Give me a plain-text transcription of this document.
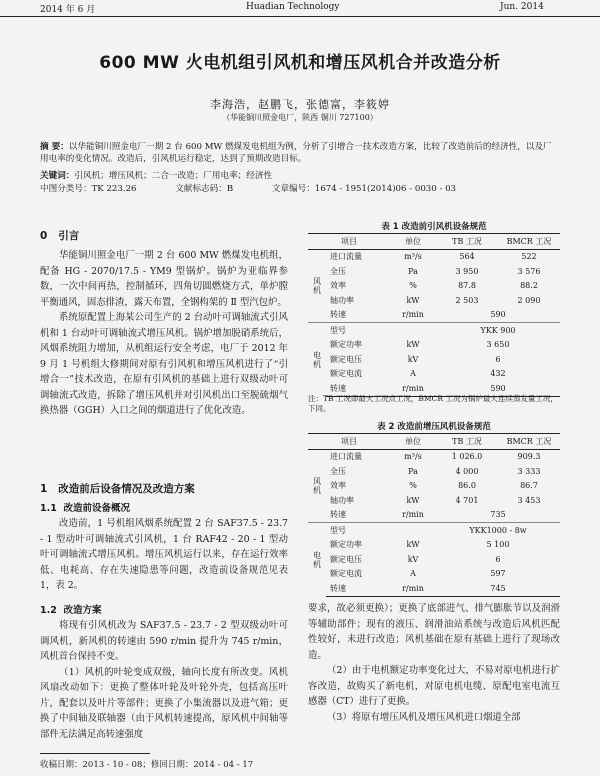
2014 年 6 月	Huadian Technology	Jun. 2014
600 MW 火电机组引风机和增压风机合并改造分析
李海浩，赵鹏飞，张德富，李筱婷
（华能铜川照金电厂，陕西 铜川 727100）

摘 要：以华能铜川照金电厂一期 2 台 600 MW 燃煤发电机组为例，分析了引增合一技术改造方案，比较了改造前后的经济性，以及厂用电率的变化情况。改造后，引风机运行稳定，达到了预期改造目标。

关键词：引风机；增压风机；二合一改造；厂用电率；经济性

中图分类号：TK 223.26	文献标志码：B	文章编号：1674 - 1951(2014)06 - 0030 - 03
0 引言

华能铜川照金电厂一期 2 台 600 MW 燃煤发电机组，配备 HG - 2070/17.5 - YM9 型锅炉。锅炉为亚临界参数，一次中间再热，控制循环，四角切圆燃烧方式，单炉膛平衡通风，固态排渣，露天布置，全钢构架的 Ⅱ 型汽包炉。

系统原配置上海某公司生产的 2 台动叶可调轴流式引风机和 1 台动叶可调轴流式增压风机。锅炉增加脱硝系统后，风烟系统阻力增加，从机组运行安全考虑，电厂于 2012 年 9 月 1 号机组大修期间对原有引风机和增压风机进行了“引增合一”技术改造，在原有引风机的基础上进行双级动叶可调轴流式改造，拆除了增压风机并对引风机出口至脱硫烟气换热器（GGH）入口之间的烟道进行了优化改造。

1 改造前后设备情况及改造方案
1.1 改造前设备概况

改造前，1 号机组风烟系统配置 2 台 SAF37.5 - 23.7 - 1 型动叶可调轴流式引风机，1 台 RAF42 - 20 - 1 型动叶可调轴流式增压风机。增压风机运行以来，存在运行效率低、电耗高、存在失速隐患等问题，改造前设备规范见表 1，表 2。

1.2 改造方案

将现有引风机改为 SAF37.5 - 23.7 - 2 型双级动叶可调风机，新风机的转速由 590 r/min 提升为 745 r/min，风机首台保持不变。

（1）风机的叶轮变成双级，轴向长度有所改变。风机风扇改动如下：更换了整体叶轮及叶轮外壳，包括高压叶片，配套以及叶片等部件；更换了小集流器以及进气箱；更换了中间轴及联轴器（由于风机转速提高，原风机中间轴等部件无法满足高转速强度

表 1 改造前引风机设备规范
项目		单位	TB 工况	BMCR 工况
风机	进口流量	m³/s	564	522
	全压	Pa	3 950	3 576
	效率	%	87.8	88.2
	轴功率	kW	2 503	2 090
	转速	r/min	590	
电机	型号		YKK 900	
	额定功率	kW	3 650	
	额定电压	kV	6	
	额定电流	A	432	
	转速	r/min	590	
注：TB 工况即最大工况点工况，BMCR 工况为锅炉最大连续蒸发量工况，下同。
表 2 改造前增压风机设备规范
项目		单位	TB 工况	BMCR 工况
风机	进口流量	m³/s	1 026.0	909.3
	全压	Pa	4 000	3 333
	效率	%	86.0	86.7
	轴功率	kW	4 701	3 453
	转速	r/min	735	
电机	型号		YKK1000 - 8w	
	额定功率	kW	5 100	
	额定电压	kV	6	
	额定电流	A	597	
	转速	r/min	745	

要求，故必须更换）；更换了底部进气、排气膨胀节以及润滑等辅助部件；现有的液压、润滑油站系统与改造后风机匹配性较好，未进行改造；风机基础在原有基础上进行了现场改造。

（2）由于电机额定功率变化过大，不易对原电机进行扩容改造，故购买了新电机，对原电机电缆、原配电室电流互感器（CT）进行了更换。

（3）将原有增压风机及增压风机进口烟道全部

收稿日期：2013 - 10 - 08；修回日期：2014 - 04 - 17
